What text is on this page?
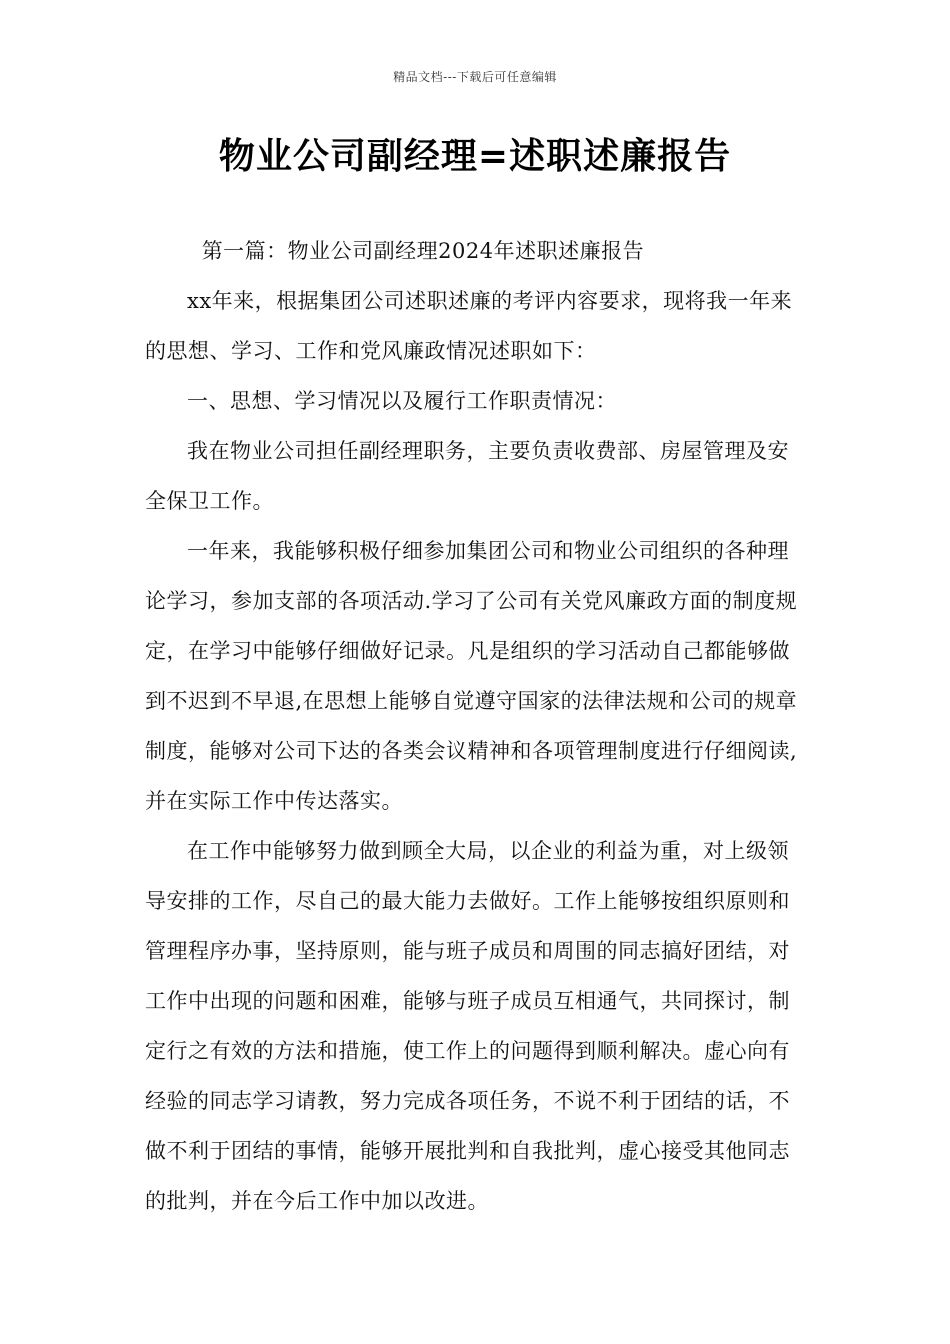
精品文档---下载后可任意编辑
物业公司副经理=述职述廉报告

第一篇：物业公司副经理2024年述职述廉报告

xx年来，根据集团公司述职述廉的考评内容要求，现将我一年来的思想、学习、工作和党风廉政情况述职如下：

一、思想、学习情况以及履行工作职责情况：

我在物业公司担任副经理职务，主要负责收费部、房屋管理及安全保卫工作。

一年来，我能够积极仔细参加集团公司和物业公司组织的各种理论学习，参加支部的各项活动.学习了公司有关党风廉政方面的制度规定，在学习中能够仔细做好记录。凡是组织的学习活动自己都能够做到不迟到不早退,在思想上能够自觉遵守国家的法律法规和公司的规章制度，能够对公司下达的各类会议精神和各项管理制度进行仔细阅读,并在实际工作中传达落实。

在工作中能够努力做到顾全大局，以企业的利益为重，对上级领导安排的工作，尽自己的最大能力去做好。工作上能够按组织原则和管理程序办事，坚持原则，能与班子成员和周围的同志搞好团结，对工作中出现的问题和困难，能够与班子成员互相通气，共同探讨，制定行之有效的方法和措施，使工作上的问题得到顺利解决。虚心向有经验的同志学习请教，努力完成各项任务，不说不利于团结的话，不做不利于团结的事情，能够开展批判和自我批判，虚心接受其他同志的批判，并在今后工作中加以改进。
